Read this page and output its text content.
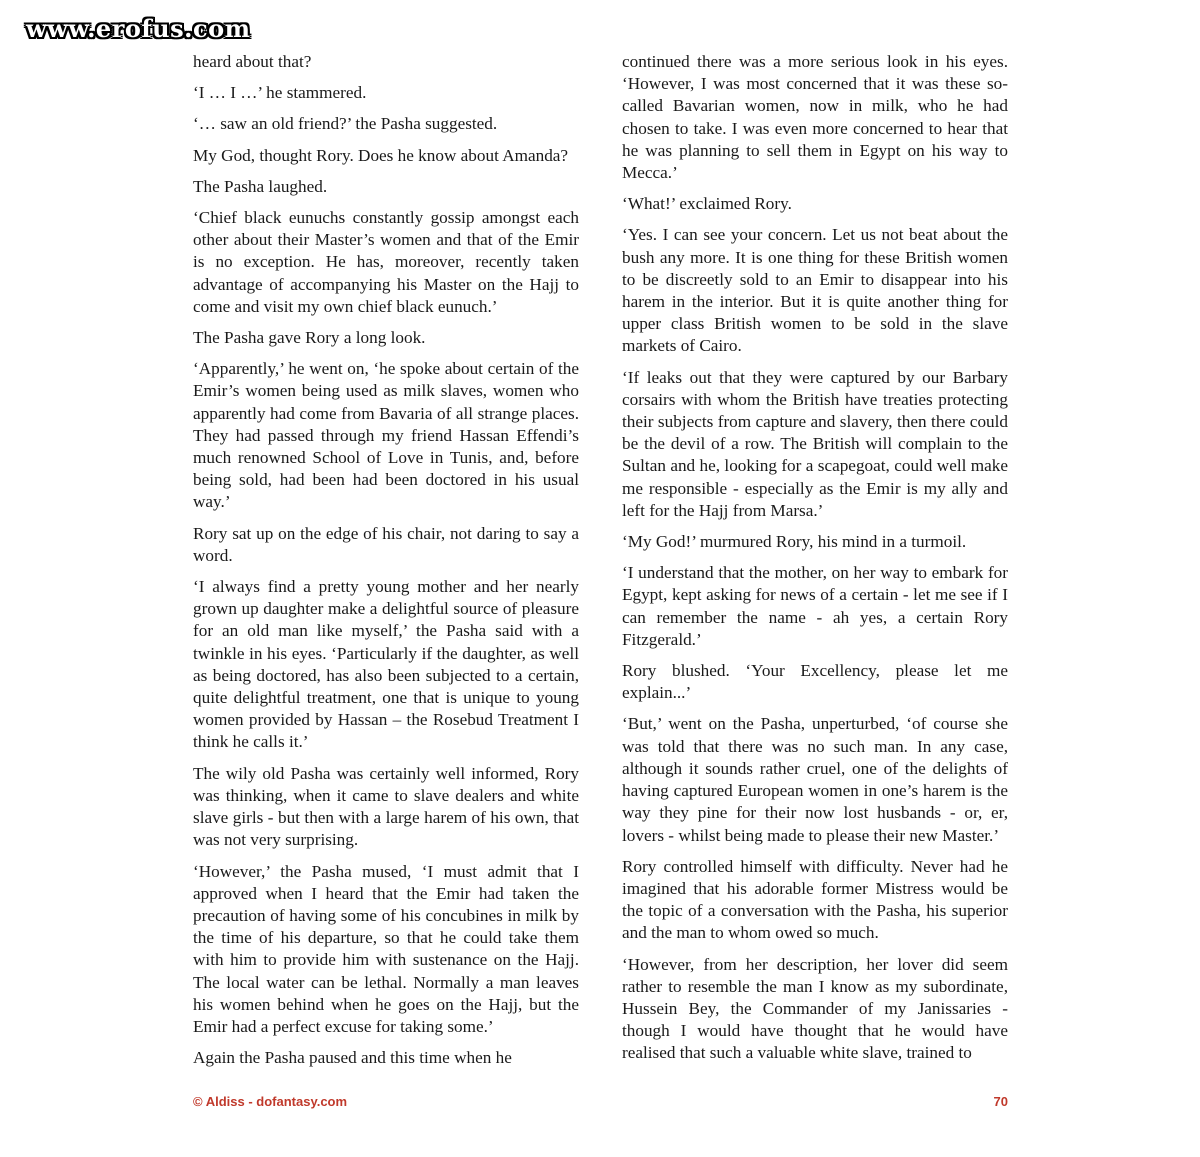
www.erofus.com

heard about that?

‘I … I …’ he stammered.

‘… saw an old friend?’ the Pasha suggested.

My God, thought Rory. Does he know about Amanda?

The Pasha laughed.

‘Chief black eunuchs constantly gossip amongst each other about their Master’s women and that of the Emir is no exception. He has, moreover, recently taken advantage of accompanying his Master on the Hajj to come and visit my own chief black eunuch.’

The Pasha gave Rory a long look.

‘Apparently,’ he went on, ‘he spoke about certain of the Emir’s women being used as milk slaves, women who apparently had come from Bavaria of all strange places. They had passed through my friend Hassan Effendi’s much renowned School of Love in Tunis, and, before being sold, had been had been doctored in his usual way.’

Rory sat up on the edge of his chair, not daring to say a word.

‘I always find a pretty young mother and her nearly grown up daughter make a delightful source of pleasure for an old man like myself,’ the Pasha said with a twinkle in his eyes. ‘Particularly if the daughter, as well as being doctored, has also been subjected to a certain, quite delightful treatment, one that is unique to young women provided by Hassan – the Rosebud Treatment I think he calls it.’

The wily old Pasha was certainly well informed, Rory was thinking, when it came to slave dealers and white slave girls - but then with a large harem of his own, that was not very surprising.

‘However,’ the Pasha mused, ‘I must admit that I approved when I heard that the Emir had taken the precaution of having some of his concubines in milk by the time of his departure, so that he could take them with him to provide him with sustenance on the Hajj. The local water can be lethal. Normally a man leaves his women behind when he goes on the Hajj, but the Emir had a perfect excuse for taking some.’

Again the Pasha paused and this time when he

continued there was a more serious look in his eyes. ‘However, I was most concerned that it was these so-called Bavarian women, now in milk, who he had chosen to take. I was even more concerned to hear that he was planning to sell them in Egypt on his way to Mecca.’

‘What!’ exclaimed Rory.

‘Yes. I can see your concern. Let us not beat about the bush any more. It is one thing for these British women to be discreetly sold to an Emir to disappear into his harem in the interior. But it is quite another thing for upper class British women to be sold in the slave markets of Cairo.

‘If leaks out that they were captured by our Barbary corsairs with whom the British have treaties protecting their subjects from capture and slavery, then there could be the devil of a row. The British will complain to the Sultan and he, looking for a scapegoat, could well make me responsible - especially as the Emir is my ally and left for the Hajj from Marsa.’

‘My God!’ murmured Rory, his mind in a turmoil.

‘I understand that the mother, on her way to embark for Egypt, kept asking for news of a certain - let me see if I can remember the name - ah yes, a certain Rory Fitzgerald.’

Rory blushed. ‘Your Excellency, please let me explain...’

‘But,’ went on the Pasha, unperturbed, ‘of course she was told that there was no such man. In any case, although it sounds rather cruel, one of the delights of having captured European women in one’s harem is the way they pine for their now lost husbands - or, er, lovers - whilst being made to please their new Master.’

Rory controlled himself with difficulty. Never had he imagined that his adorable former Mistress would be the topic of a conversation with the Pasha, his superior and the man to whom owed so much.

‘However, from her description, her lover did seem rather to resemble the man I know as my subordinate, Hussein Bey, the Commander of my Janissaries - though I would have thought that he would have realised that such a valuable white slave, trained to

© Aldiss - dofantasy.com	70
